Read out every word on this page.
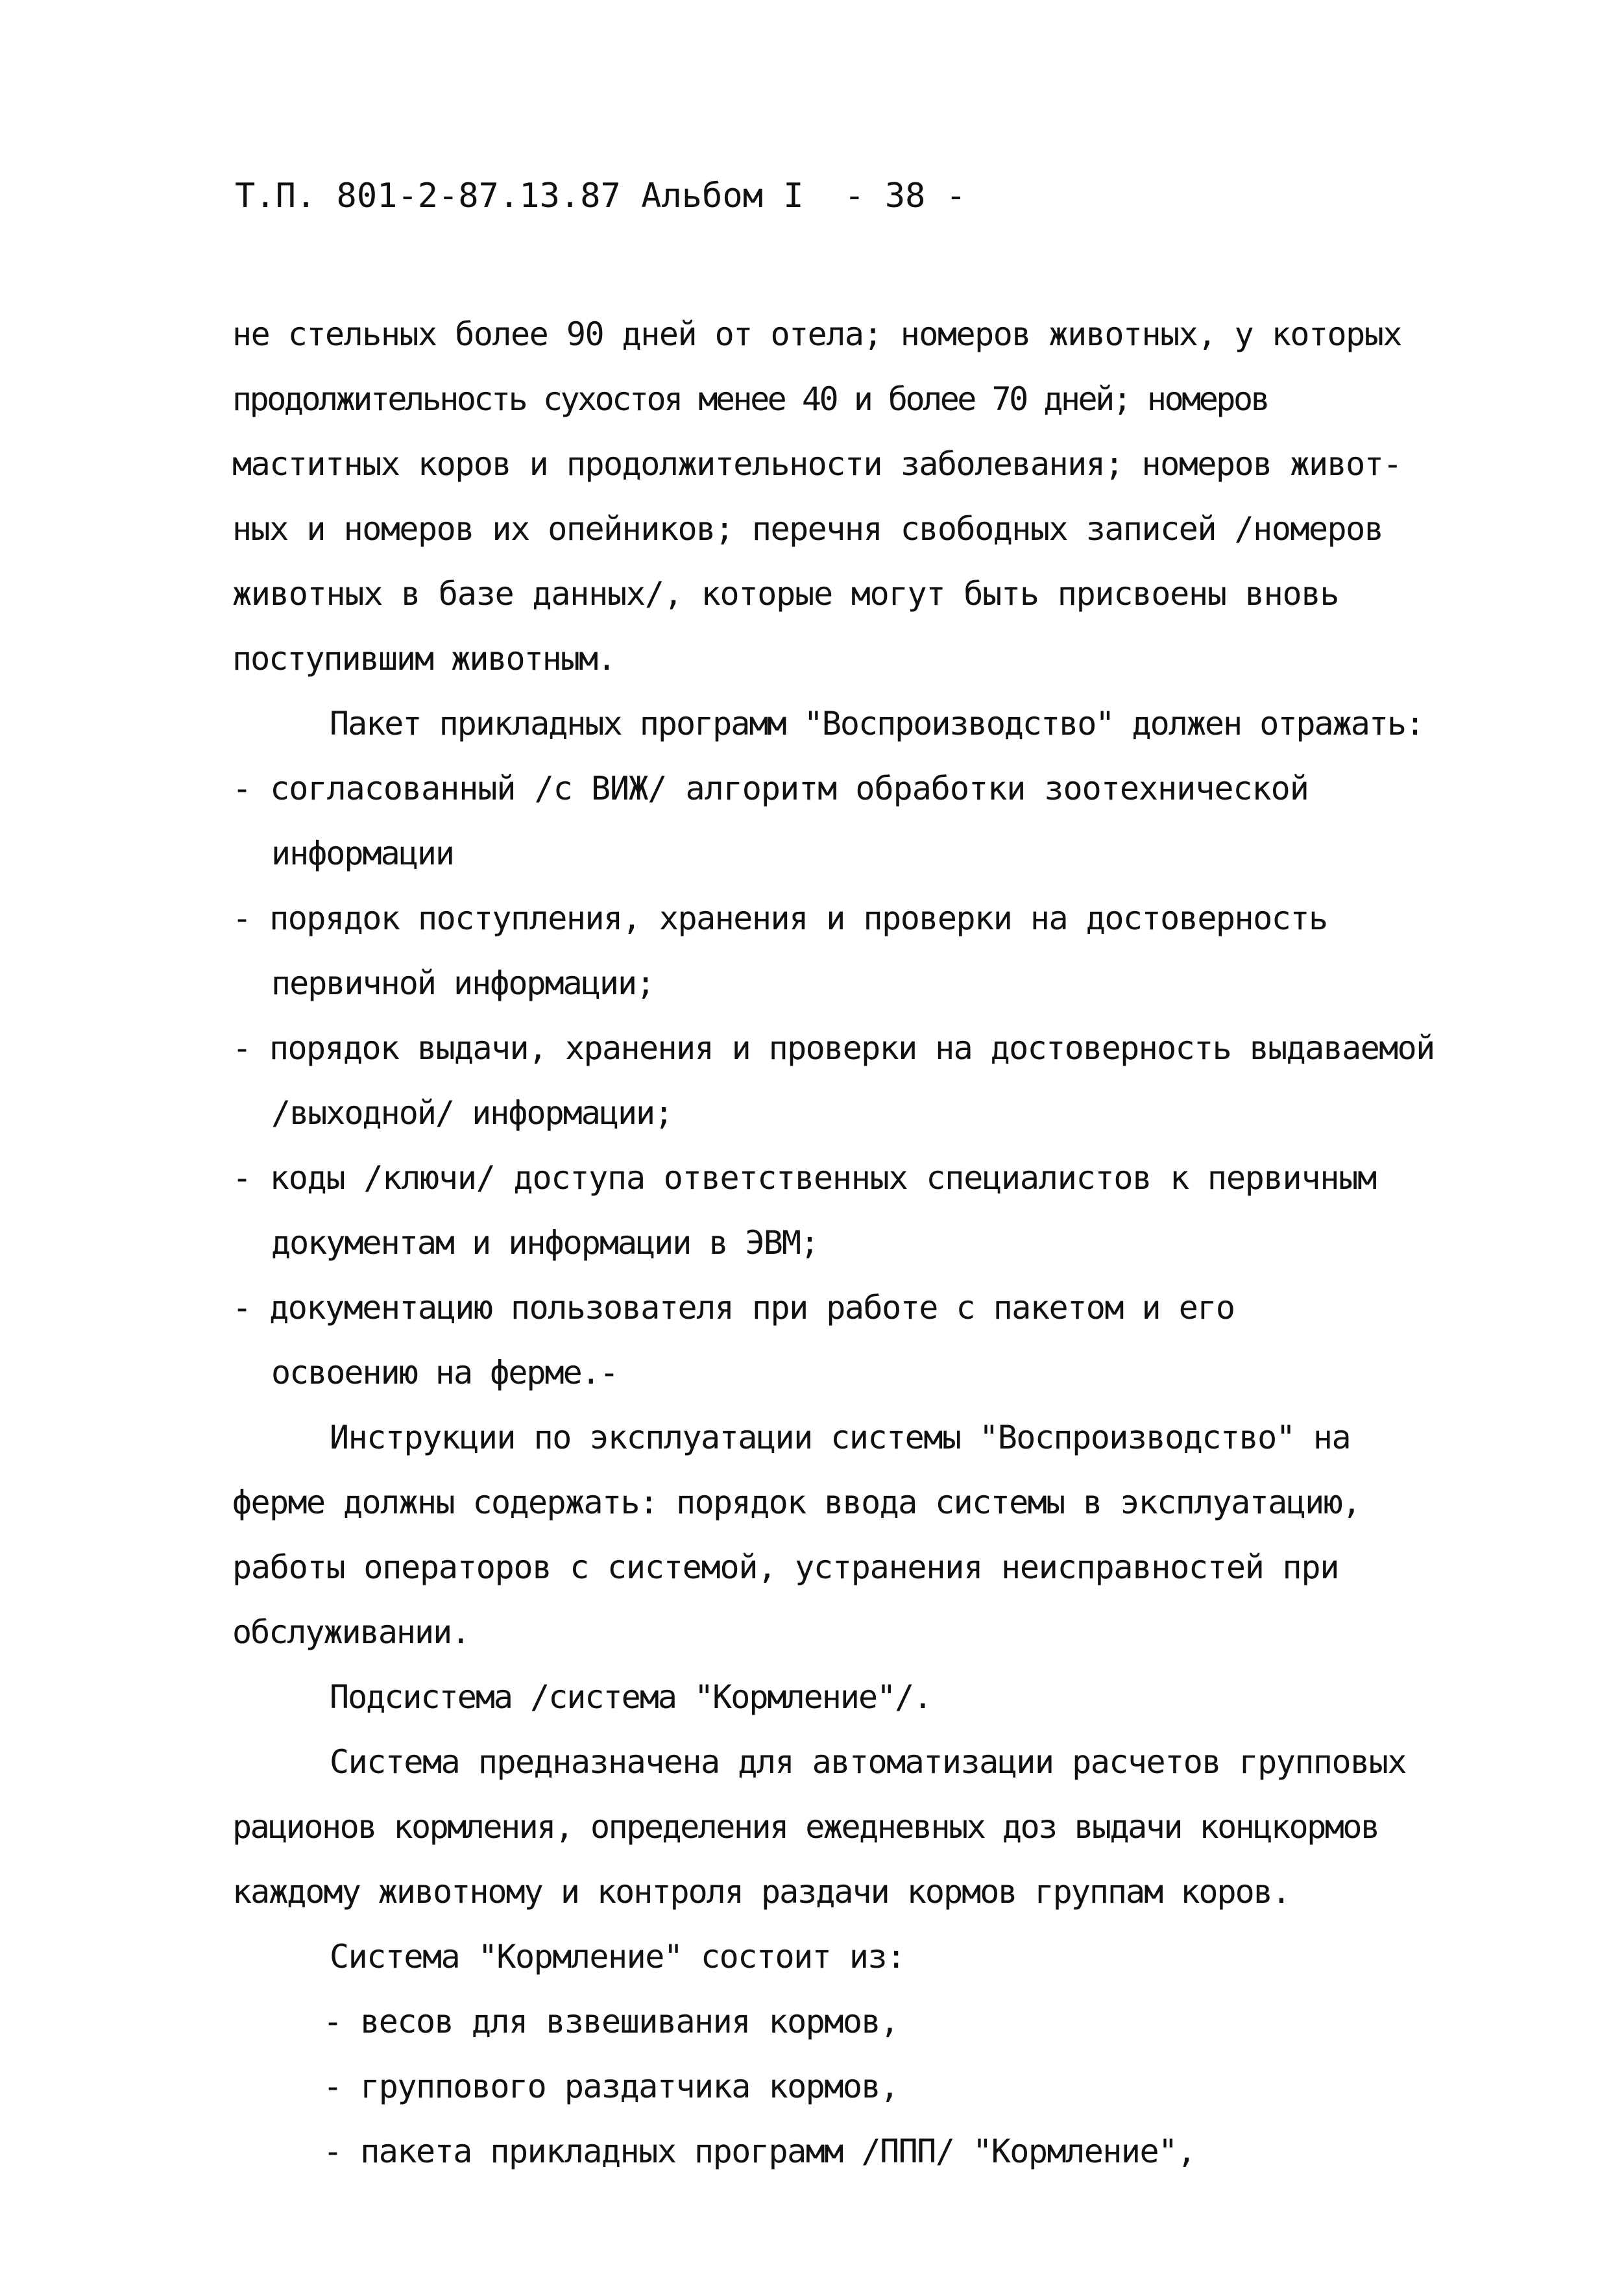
Т.П. 801-2-87.13.87 Альбом I  - 38 -
не стельных более 90 дней от отела; номеров животных, у которых
продолжительность сухостоя менее 40 и более 70 дней; номеров
маститных коров и продолжительности заболевания; номеров живот-
ных и номеров их опейников; перечня свободных записей /номеров
животных в базе данных/, которые могут быть присвоены вновь
поступившим животным.
Пакет прикладных программ "Воспроизводство" должен отражать:
- согласованный /с ВИЖ/ алгоритм обработки зоотехнической
информации
- порядок поступления, хранения и проверки на достоверность
первичной информации;
- порядок выдачи, хранения и проверки на достоверность выдаваемой
/выходной/ информации;
- коды /ключи/ доступа ответственных специалистов к первичным
документам и информации в ЭВМ;
- документацию пользователя при работе с пакетом и его
освоению на ферме.-
Инструкции по эксплуатации системы "Воспроизводство" на
ферме должны содержать: порядок ввода системы в эксплуатацию,
работы операторов с системой, устранения неисправностей при
обслуживании.
Подсистема /система "Кормление"/.
Система предназначена для автоматизации расчетов групповых
рационов кормления, определения ежедневных доз выдачи концкормов
каждому животному и контроля раздачи кормов группам коров.
Система "Кормление" состоит из:
- весов для взвешивания кормов,
- группового раздатчика кормов,
- пакета прикладных программ /ППП/ "Кормление",
